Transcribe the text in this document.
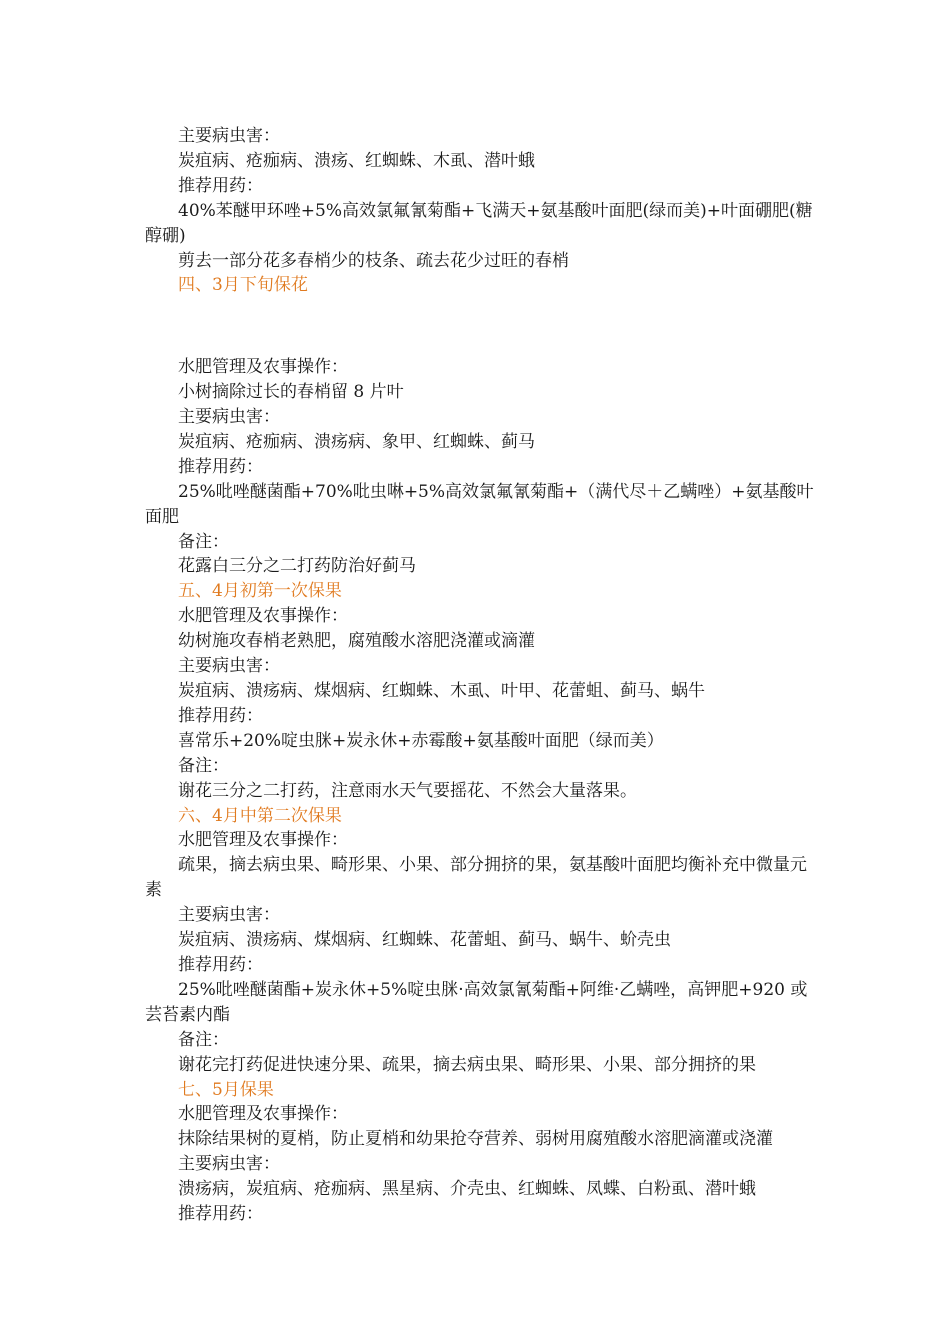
主要病虫害：

炭疽病、疮痂病、溃疡、红蜘蛛、木虱、潜叶蛾

推荐用药：

40%苯醚甲环唑+5%高效氯氟氰菊酯+飞满天+氨基酸叶面肥(绿而美)+叶面硼肥(糖醇硼)

剪去一部分花多春梢少的枝条、疏去花少过旺的春梢

四、3月下旬保花

水肥管理及农事操作：

小树摘除过长的春梢留 8 片叶

主要病虫害：

炭疽病、疮痂病、溃疡病、象甲、红蜘蛛、蓟马

推荐用药：

25%吡唑醚菌酯+70%吡虫啉+5%高效氯氟氰菊酯+（满代尽＋乙螨唑）+氨基酸叶面肥

备注：

花露白三分之二打药防治好蓟马

五、4月初第一次保果

水肥管理及农事操作：

幼树施攻春梢老熟肥，腐殖酸水溶肥浇灌或滴灌

主要病虫害：

炭疽病、溃疡病、煤烟病、红蜘蛛、木虱、叶甲、花蕾蛆、蓟马、蜗牛

推荐用药：

喜常乐+20%啶虫脒+炭永休+赤霉酸+氨基酸叶面肥（绿而美）

备注：

谢花三分之二打药，注意雨水天气要摇花、不然会大量落果。

六、4月中第二次保果

水肥管理及农事操作：

疏果，摘去病虫果、畸形果、小果、部分拥挤的果，氨基酸叶面肥均衡补充中微量元素

主要病虫害：

炭疽病、溃疡病、煤烟病、红蜘蛛、花蕾蛆、蓟马、蜗牛、蚧壳虫

推荐用药：

25%吡唑醚菌酯+炭永休+5%啶虫脒·高效氯氰菊酯+阿维·乙螨唑，高钾肥+920 或芸苔素内酯

备注：

谢花完打药促进快速分果、疏果，摘去病虫果、畸形果、小果、部分拥挤的果

七、5月保果

水肥管理及农事操作：

抹除结果树的夏梢，防止夏梢和幼果抢夺营养、弱树用腐殖酸水溶肥滴灌或浇灌

主要病虫害：

溃疡病，炭疽病、疮痂病、黑星病、介壳虫、红蜘蛛、凤蝶、白粉虱、潜叶蛾

推荐用药：
